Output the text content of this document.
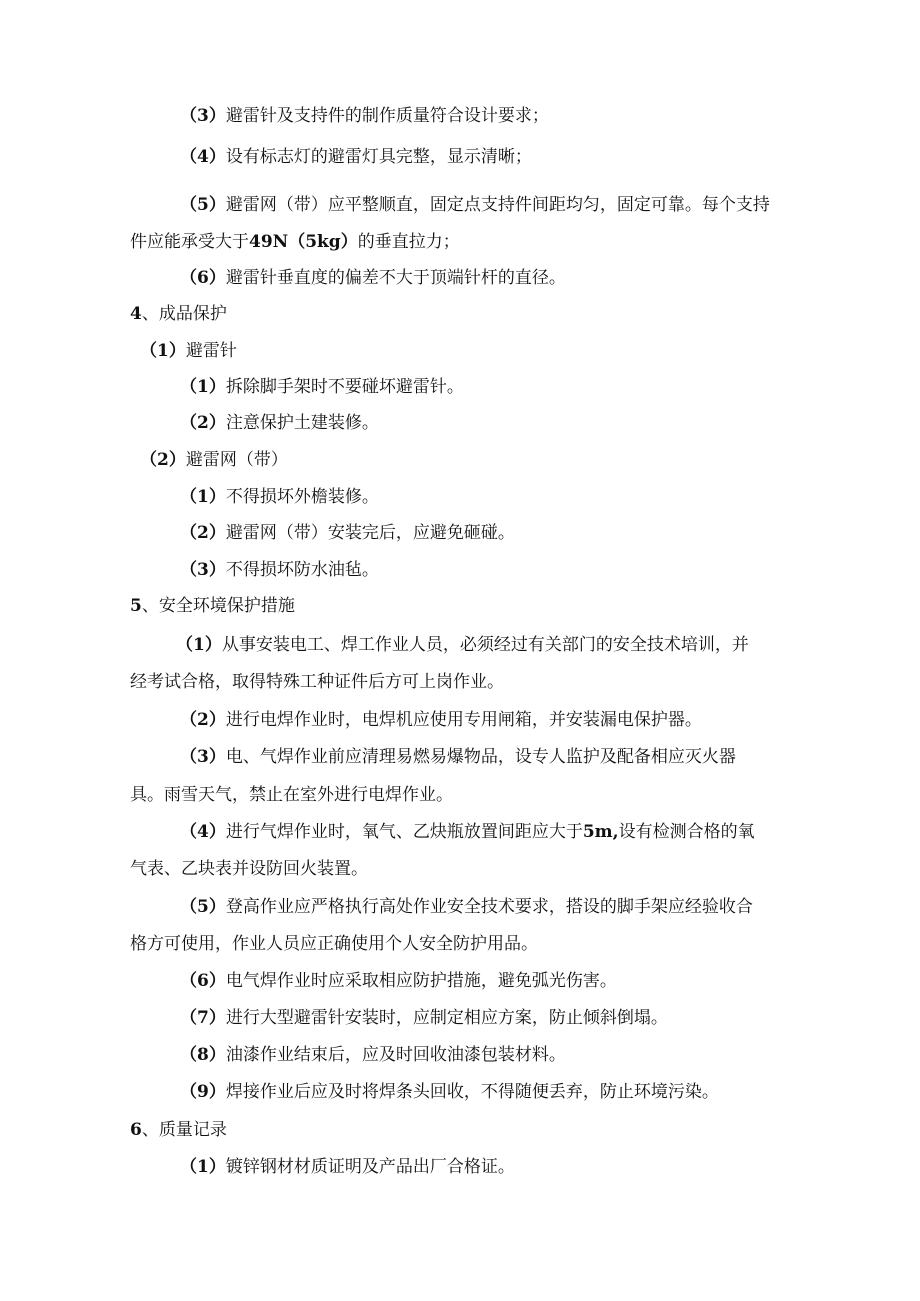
（3）避雷针及支持件的制作质量符合设计要求；
（4）设有标志灯的避雷灯具完整，显示清晰；
（5）避雷网（带）应平整顺直，固定点支持件间距均匀，固定可靠。每个支持
件应能承受大于49N（5kg）的垂直拉力；
（6）避雷针垂直度的偏差不大于顶端针杆的直径。
4、成品保护
（1）避雷针
（1）拆除脚手架时不要碰坏避雷针。
（2）注意保护土建装修。
（2）避雷网（带）
（1）不得损坏外檐装修。
（2）避雷网（带）安装完后，应避免砸碰。
（3）不得损坏防水油毡。
5、安全环境保护措施
（1）从事安装电工、焊工作业人员，必须经过有关部门的安全技术培训，并
经考试合格，取得特殊工种证件后方可上岗作业。
（2）进行电焊作业时，电焊机应使用专用闸箱，并安装漏电保护器。
（3）电、气焊作业前应清理易燃易爆物品，设专人监护及配备相应灭火器
具。雨雪天气，禁止在室外进行电焊作业。
（4）进行气焊作业时，氧气、乙炔瓶放置间距应大于5m,设有检测合格的氧
气表、乙块表并设防回火装置。
（5）登高作业应严格执行高处作业安全技术要求，搭设的脚手架应经验收合
格方可使用，作业人员应正确使用个人安全防护用品。
（6）电气焊作业时应采取相应防护措施，避免弧光伤害。
（7）进行大型避雷针安装时，应制定相应方案，防止倾斜倒塌。
（8）油漆作业结束后，应及时回收油漆包装材料。
（9）焊接作业后应及时将焊条头回收，不得随便丢弃，防止环境污染。
6、质量记录
（1）镀锌钢材材质证明及产品出厂合格证。
